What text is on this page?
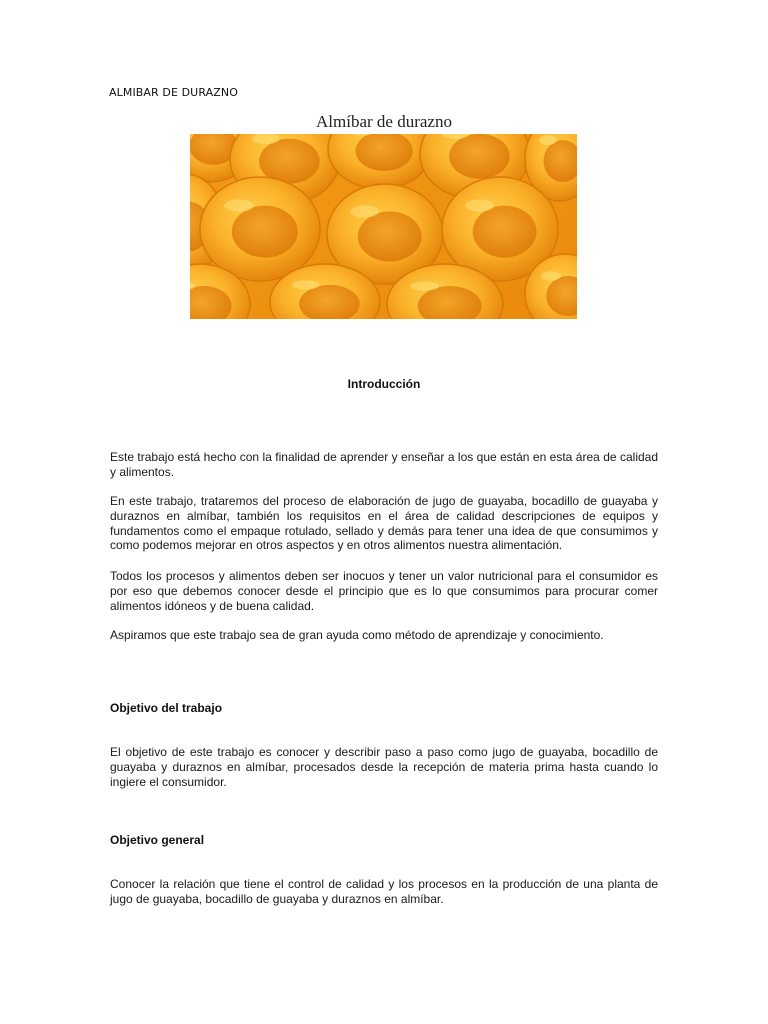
ALMIBAR DE DURAZNO
Almíbar de durazno
Introducción

Este trabajo está hecho con la finalidad de aprender y enseñar a los que están en esta área de calidad y alimentos.

En este trabajo, trataremos del proceso de elaboración de jugo de guayaba, bocadillo de guayaba y duraznos en almíbar, también los requisitos en el área de calidad descripciones de equipos y fundamentos como el empaque rotulado, sellado y demás para tener una idea de que consumimos y como podemos mejorar en otros aspectos y en otros alimentos nuestra alimentación.

Todos los procesos y alimentos deben ser inocuos y tener un valor nutricional para el consumidor es por eso que debemos conocer desde el principio que es lo que consumimos para procurar comer alimentos idóneos y de buena calidad.

Aspiramos que este trabajo sea de gran ayuda como método de aprendizaje y conocimiento.

Objetivo del trabajo

El objetivo de este trabajo es conocer y describir paso a paso como jugo de guayaba, bocadillo de guayaba y duraznos en almíbar, procesados desde la recepción de materia prima hasta cuando lo ingiere el consumidor.

Objetivo general

Conocer la relación que tiene el control de calidad y los procesos en la producción de una planta de jugo de guayaba, bocadillo de guayaba y duraznos en almíbar.
